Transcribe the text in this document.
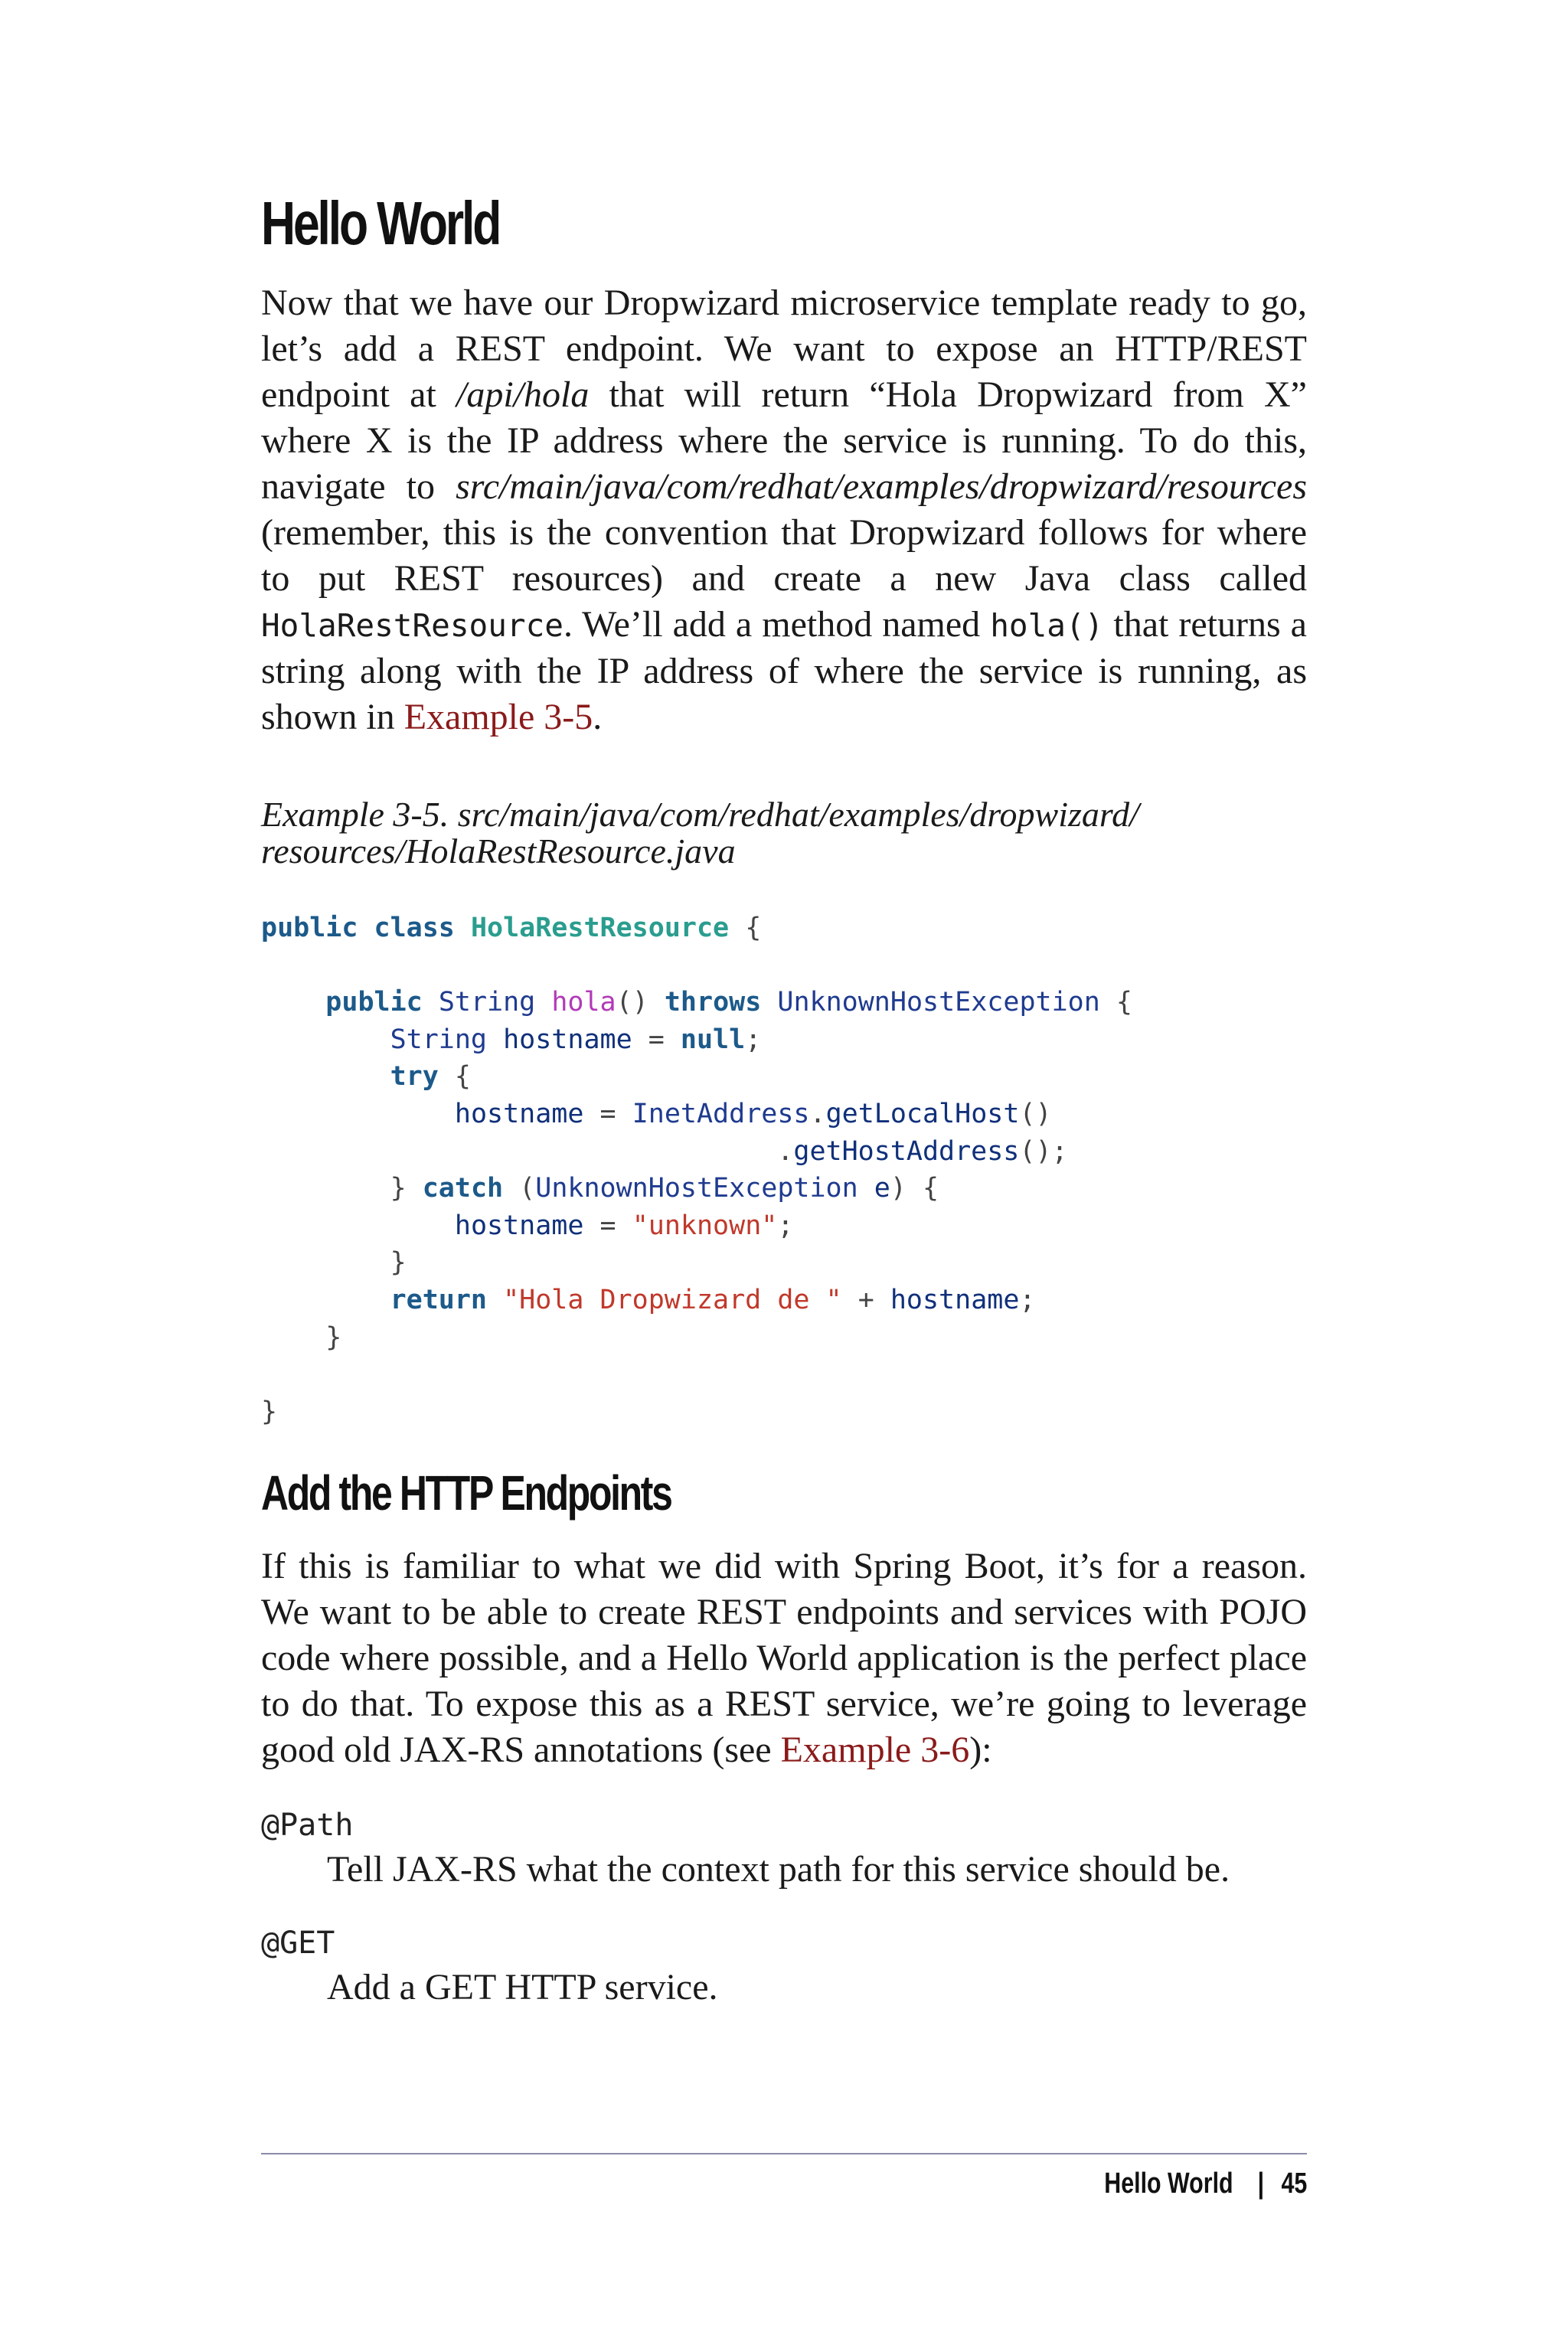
Hello World

Now that we have our Dropwizard microservice template ready to go, let’s add a REST endpoint. We want to expose an HTTP/REST endpoint at /api/hola that will return “Hola Dropwizard from X” where X is the IP address where the service is running. To do this, navigate to src/main/java/com/redhat/examples/dropwizard/resources (remember, this is the convention that Dropwizard follows for where to put REST resources) and create a new Java class called HolaRestResource. We’ll add a method named hola() that returns a string along with the IP address of where the service is running, as shown in Example 3-5.

Example 3-5. src/main/java/com/redhat/examples/dropwizard/
resources/HolaRestResource.java

public class HolaRestResource {

public String hola() throws UnknownHostException {
String hostname = null;
try {
hostname = InetAddress.getLocalHost()
.getHostAddress();
} catch (UnknownHostException e) {
hostname = "unknown";
}
return "Hola Dropwizard de " + hostname;
}

}
Add the HTTP Endpoints

If this is familiar to what we did with Spring Boot, it’s for a reason. We want to be able to create REST endpoints and services with POJO code where possible, and a Hello World application is the perfect place to do that. To expose this as a REST service, we’re going to leverage good old JAX-RS annotations (see Example 3-6):

@Path
Tell JAX-RS what the context path for this service should be.
@GET
Add a GET HTTP service.
Hello World | 45
